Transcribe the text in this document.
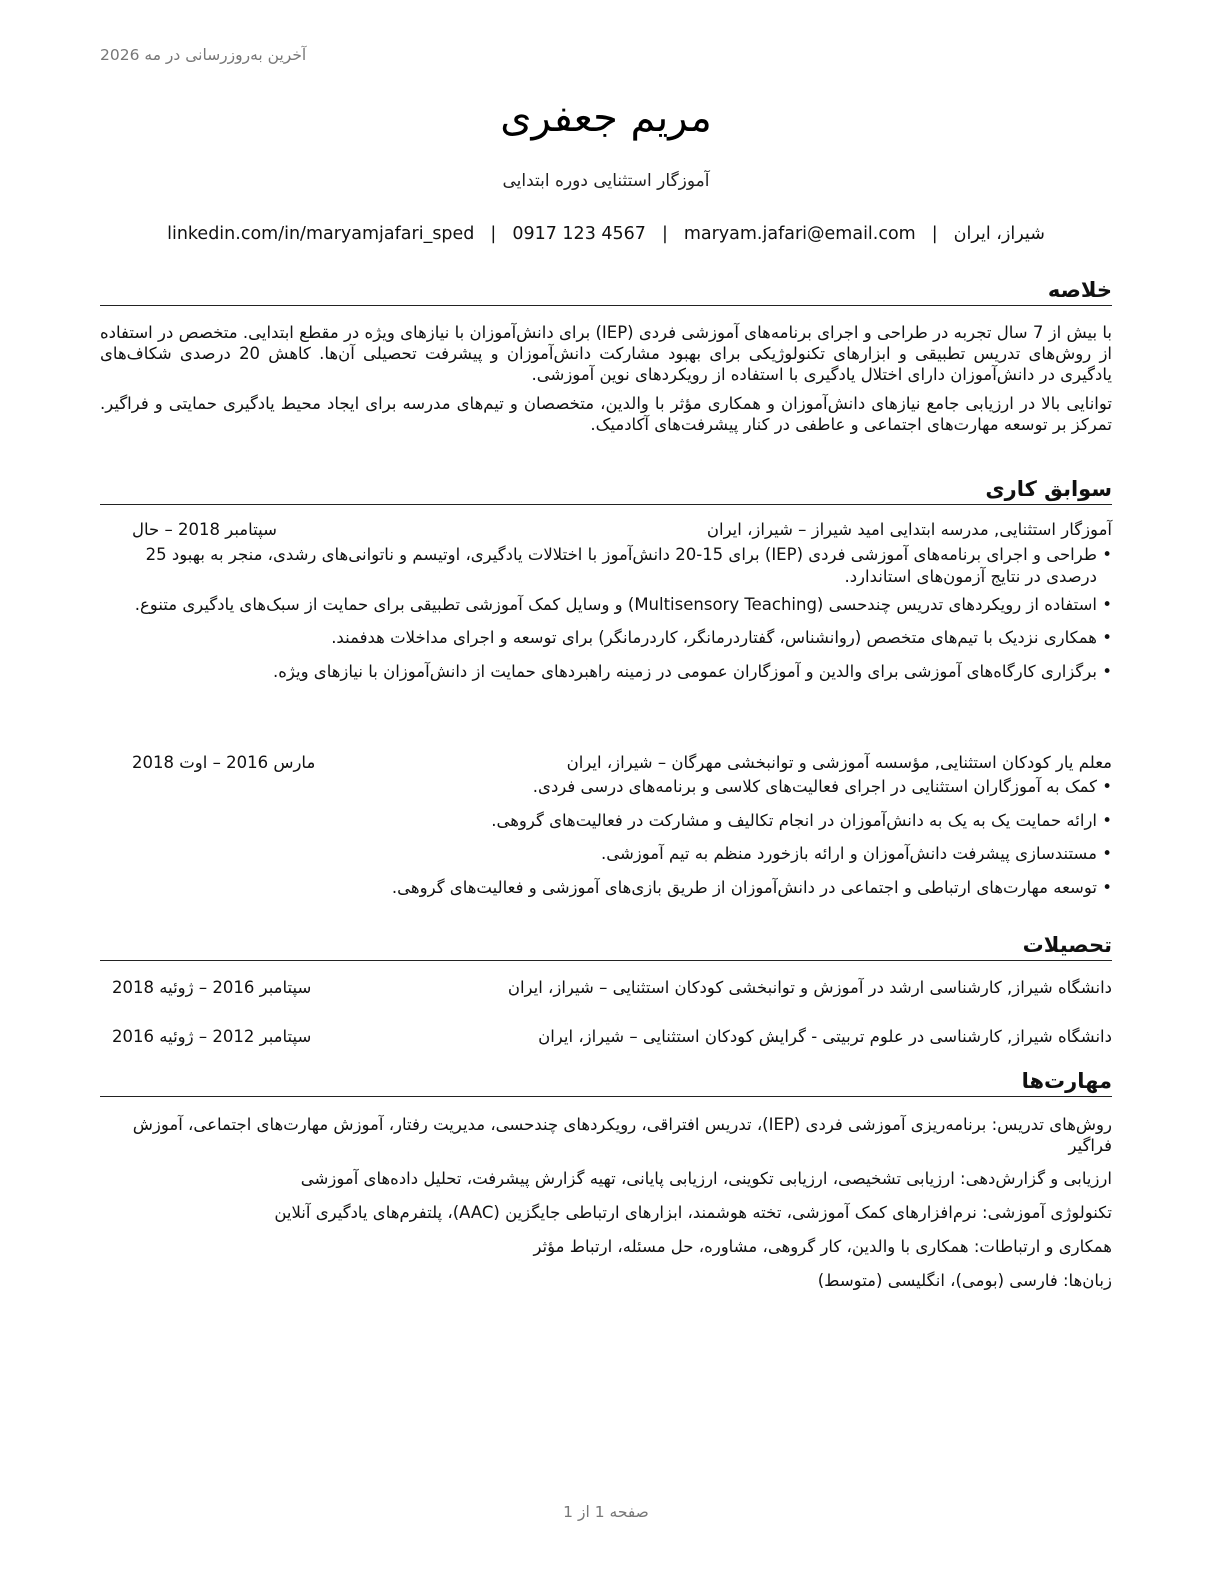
آخرین به‌روزرسانی در مه 2026
مریم جعفری
آموزگار استثنایی دوره ابتدایی
شیراز، ایران|maryam.jafari@email.com|0917 123 4567|linkedin.com/in/maryamjafari_sped
خلاصه

با بیش از 7 سال تجربه در طراحی و اجرای برنامه‌های آموزشی فردی (IEP) برای دانش‌آموزان با نیازهای ویژه در مقطع ابتدایی. متخصص در استفاده از روش‌های تدریس تطبیقی و ابزارهای تکنولوژیکی برای بهبود مشارکت دانش‌آموزان و پیشرفت تحصیلی آن‌ها. کاهش 20 درصدی شکاف‌های یادگیری در دانش‌آموزان دارای اختلال یادگیری با استفاده از رویکردهای نوین آموزشی.

توانایی بالا در ارزیابی جامع نیازهای دانش‌آموزان و همکاری مؤثر با والدین، متخصصان و تیم‌های مدرسه برای ایجاد محیط یادگیری حمایتی و فراگیر. تمرکز بر توسعه مهارت‌های اجتماعی و عاطفی در کنار پیشرفت‌های آکادمیک.

سوابق کاری
آموزگار استثنایی, مدرسه ابتدایی امید شیراز – شیراز، ایران
سپتامبر 2018 – حال
• طراحی و اجرای برنامه‌های آموزشی فردی (IEP) برای 15-20 دانش‌آموز با اختلالات یادگیری، اوتیسم و ناتوانی‌های رشدی، منجر به بهبود 25 درصدی در نتایج آزمون‌های استاندارد.
• استفاده از رویکردهای تدریس چندحسی (Multisensory Teaching) و وسایل کمک آموزشی تطبیقی برای حمایت از سبک‌های یادگیری متنوع.
• همکاری نزدیک با تیم‌های متخصص (روانشناس، گفتاردرمانگر، کاردرمانگر) برای توسعه و اجرای مداخلات هدفمند.
• برگزاری کارگاه‌های آموزشی برای والدین و آموزگاران عمومی در زمینه راهبردهای حمایت از دانش‌آموزان با نیازهای ویژه.
معلم یار کودکان استثنایی, مؤسسه آموزشی و توانبخشی مهرگان – شیراز، ایران
مارس 2016 – اوت 2018
• کمک به آموزگاران استثنایی در اجرای فعالیت‌های کلاسی و برنامه‌های درسی فردی.
• ارائه حمایت یک به یک به دانش‌آموزان در انجام تکالیف و مشارکت در فعالیت‌های گروهی.
• مستندسازی پیشرفت دانش‌آموزان و ارائه بازخورد منظم به تیم آموزشی.
• توسعه مهارت‌های ارتباطی و اجتماعی در دانش‌آموزان از طریق بازی‌های آموزشی و فعالیت‌های گروهی.
تحصیلات
دانشگاه شیراز, کارشناسی ارشد در آموزش و توانبخشی کودکان استثنایی – شیراز، ایران
سپتامبر 2016 – ژوئیه 2018
دانشگاه شیراز, کارشناسی در علوم تربیتی - گرایش کودکان استثنایی – شیراز، ایران
سپتامبر 2012 – ژوئیه 2016
مهارت‌ها

روش‌های تدریس: برنامه‌ریزی آموزشی فردی (IEP)، تدریس افتراقی، رویکردهای چندحسی، مدیریت رفتار، آموزش مهارت‌های اجتماعی، آموزش فراگیر

ارزیابی و گزارش‌دهی: ارزیابی تشخیصی، ارزیابی تکوینی، ارزیابی پایانی، تهیه گزارش پیشرفت، تحلیل داده‌های آموزشی

تکنولوژی آموزشی: نرم‌افزارهای کمک آموزشی، تخته هوشمند، ابزارهای ارتباطی جایگزین (AAC)، پلتفرم‌های یادگیری آنلاین

همکاری و ارتباطات: همکاری با والدین، کار گروهی، مشاوره، حل مسئله، ارتباط مؤثر

زبان‌ها: فارسی (بومی)، انگلیسی (متوسط)

صفحه 1 از 1
